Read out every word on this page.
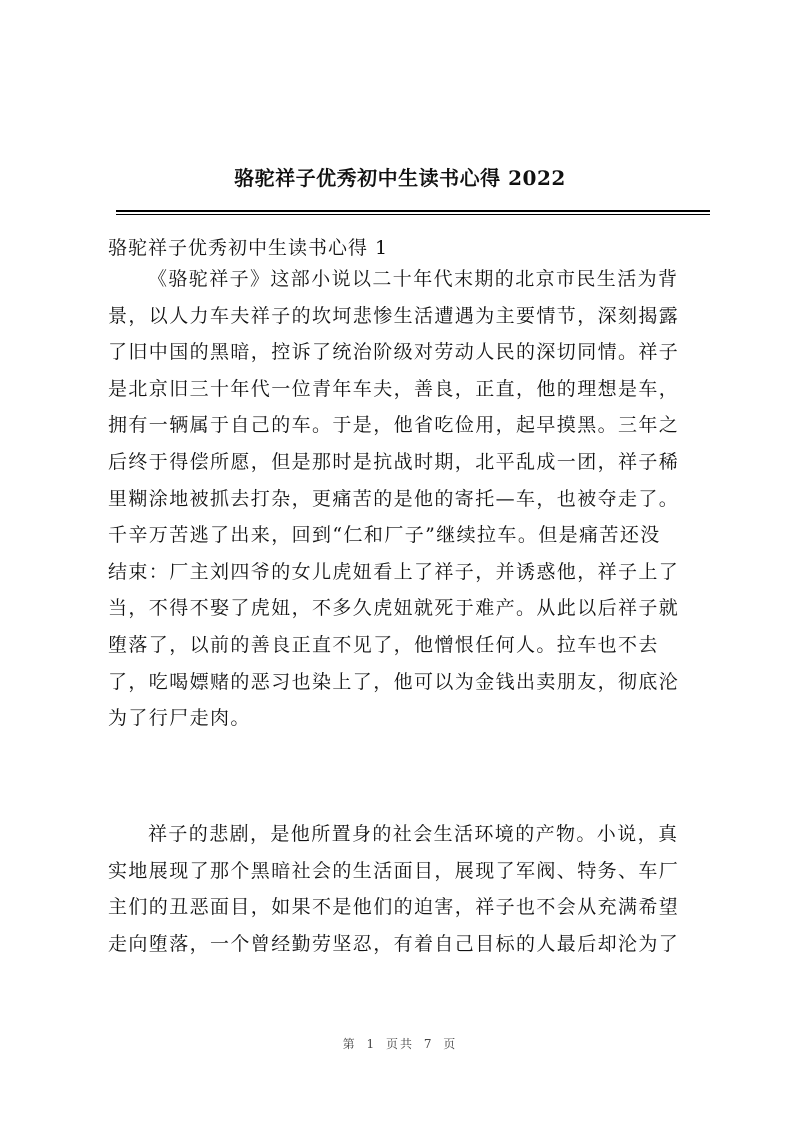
骆驼祥子优秀初中生读书心得 2022
骆驼祥子优秀初中生读书心得 1
《骆驼祥子》这部小说以二十年代末期的北京市民生活为背
景，以人力车夫祥子的坎坷悲惨生活遭遇为主要情节，深刻揭露
了旧中国的黑暗，控诉了统治阶级对劳动人民的深切同情。祥子
是北京旧三十年代一位青年车夫，善良，正直，他的理想是车，
拥有一辆属于自己的车。于是，他省吃俭用，起早摸黑。三年之
后终于得偿所愿，但是那时是抗战时期，北平乱成一团，祥子稀
里糊涂地被抓去打杂，更痛苦的是他的寄托—车，也被夺走了。
千辛万苦逃了出来，回到“仁和厂子”继续拉车。但是痛苦还没
结束：厂主刘四爷的女儿虎妞看上了祥子，并诱惑他，祥子上了
当，不得不娶了虎妞，不多久虎妞就死于难产。从此以后祥子就
堕落了，以前的善良正直不见了，他憎恨任何人。拉车也不去
了，吃喝嫖赌的恶习也染上了，他可以为金钱出卖朋友，彻底沦
为了行尸走肉。
祥子的悲剧，是他所置身的社会生活环境的产物。小说，真
实地展现了那个黑暗社会的生活面目，展现了军阀、特务、车厂
主们的丑恶面目，如果不是他们的迫害，祥子也不会从充满希望
走向堕落，一个曾经勤劳坚忍，有着自己目标的人最后却沦为了
第 1 页共 7 页
